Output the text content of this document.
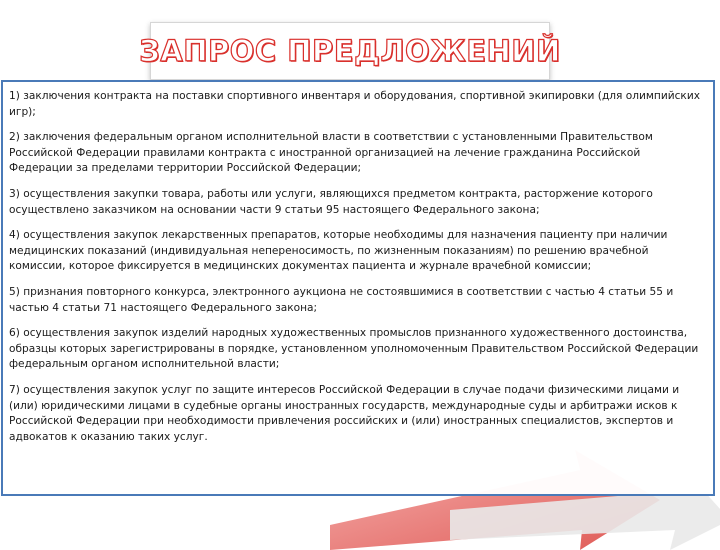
ЗАПРОС ПРЕДЛОЖЕНИЙ

1) заключения контракта на поставки спортивного инвентаря и оборудования, спортивной экипировки (для олимпийских игр);

2) заключения федеральным органом исполнительной власти в соответствии с установленными Правительством Российской Федерации правилами контракта с иностранной организацией на лечение гражданина Российской Федерации за пределами территории Российской Федерации;

3) осуществления закупки товара, работы или услуги, являющихся предметом контракта, расторжение которого осуществлено заказчиком на основании части 9 статьи 95 настоящего Федерального закона;

4) осуществления закупок лекарственных препаратов, которые необходимы для назначения пациенту при наличии медицинских показаний (индивидуальная непереносимость, по жизненным показаниям) по решению врачебной комиссии, которое фиксируется в медицинских документах пациента и журнале врачебной комиссии;

5) признания повторного конкурса, электронного аукциона не состоявшимися в соответствии с частью 4 статьи 55 и частью 4 статьи 71 настоящего Федерального закона;

6) осуществления закупок изделий народных художественных промыслов признанного художественного достоинства, образцы которых зарегистрированы в порядке, установленном уполномоченным Правительством Российской Федерации федеральным органом исполнительной власти;

7) осуществления закупок услуг по защите интересов Российской Федерации в случае подачи физическими лицами и (или) юридическими лицами в судебные органы иностранных государств, международные суды и арбитражи исков к Российской Федерации при необходимости привлечения российских и (или) иностранных специалистов, экспертов и адвокатов к оказанию таких услуг.
